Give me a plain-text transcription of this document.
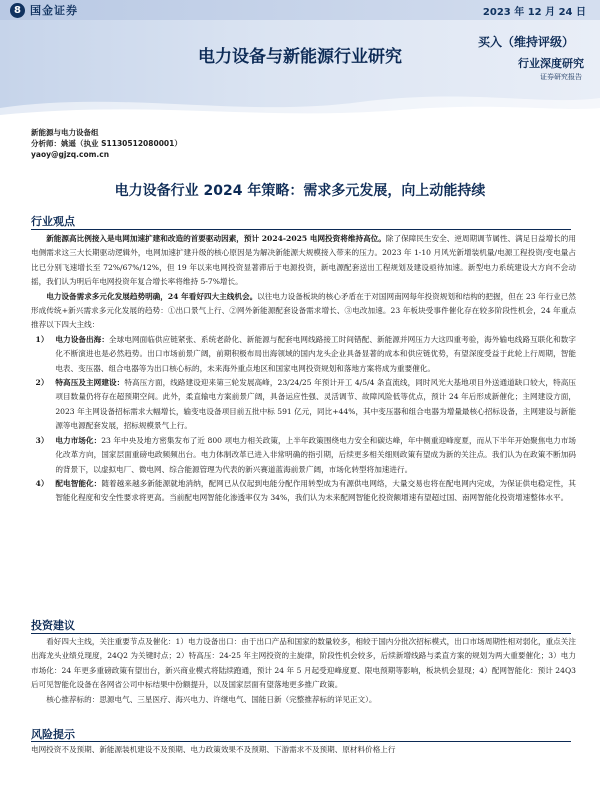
8 国金证券	2023 年 12 月 24 日
电力设备与新能源行业研究
买入（维持评级）
行业深度研究
证券研究报告
新能源与电力设备组
分析师：姚遥（执业 S1130512080001）
yaoy@gjzq.com.cn
电力设备行业 2024 年策略：需求多元发展，向上动能持续
行业观点

新能源高比例接入是电网加速扩建和改造的首要驱动因素，预计 2024-2025 电网投资将维持高位。除了保障民生安全、逆周期调节属性、满足日益增长的用电侧需求这三大长期驱动逻辑外，电网加速扩建升级的核心原因是为解决新能源大规模接入带来的压力。2023 年 1-10 月风光新增装机量/电源工程投资/变电量占比已分别飞速增长至 72%/67%/12%，但 19 年以来电网投资显著滞后于电源投资，新电源配套送出工程规划及建设亟待加速。新型电力系统建设大方向不会动摇，我们认为明后年电网投资年复合增长率将维持 5-7%增长。

电力设备需求多元化发展趋势明确，24 年看好四大主线机会。以往电力设备板块的核心矛盾在于对国网南网每年投资规划和结构的把握，但在 23 年行业已然形成传统+新兴需求多元化发展的趋势：①出口景气上行、②网外新能源配套设备需求增长、③电改加速。23 年板块受事件催化存在较多阶段性机会，24 年重点推荐以下四大主线：

1） 电力设备出海：全球电网面临供应链紧张、系统老龄化、新能源与配套电网线路接工时间错配、新能源并网压力大这四重考验，海外输电线路互联化和数字化不断演进也是必然趋势。出口市场前景广阔，前期积极布局出海领域的国内龙头企业具备显著的成本和供应链优势，有望深度受益于此轮上行周期，智能电表、变压器、组合电器等为出口核心标的，未来海外重点地区和国家电网投资规划和落地方案将成为重要催化。
2） 特高压及主网建设：特高压方面，线路建设迎来第三轮发展高峰，23/24/25 年预计开工 4/5/4 条直流线，同时风光大基地项目外送通道缺口较大，特高压项目数量仍将存在超预期空间。此外，柔直输电方案前景广阔，具备运应性强、灵活调节、故障风险低等优点，预计 24 年后形成新催化；主网建设方面，2023 年主网设备招标需求大幅增长，输变电设备项目前五批中标 591 亿元，同比+44%，其中变压器和组合电器为增量最核心招标设备，主网建设与新能源等电源配套发展，招标规模景气上行。
3） 电力市场化：23 年中央及地方密集发布了近 800 项电力相关政策，上半年政策围绕电力安全和碳达峰，年中侧重迎峰度夏，而从下半年开始聚焦电力市场化改革方向，国家层面重磅电政频频出台。电力体制改革已进入非常明确的指引期，后续更多相关细则政策有望成为新的关注点。我们认为在政策不断加码的背景下，以虚拟电厂、微电网、综合能源管理为代表的新兴赛道蓝海前景广阔，市场化转型将加速进行。
4） 配电智能化：随着越来越多新能源就地消纳，配网已从仅起到电能分配作用转型成为有源供电网络，大量交易也将在配电网内完成，为保证供电稳定性，其智能化程度和安全性要求将更高。当前配电网智能化渗透率仅为 34%，我们认为未来配网智能化投资额增速有望超过国、南网智能化投资增速整体水平。
投资建议

看好四大主线，关注重要节点及催化：1）电力设备出口：由于出口产品和国家的数量较多，相较于国内分批次招标模式，出口市场周期性相对弱化，重点关注出海龙头业绩兑现度，24Q2 为关键时点；2）特高压：24-25 年主网投资的主旋律，阶段性机会较多，后续新增线路与柔直方案的规划为两大重要催化；3）电力市场化：24 年更多重磅政策有望出台，新兴商业模式将陆续跑通，预计 24 年 5 月起受迎峰度夏、限电预期等影响，板块机会显现；4）配网智能化：预计 24Q3 后可见智能化设备在各网省公司中标结果中份额提升，以及国家层面有望落地更多推广政策。

核心推荐标的：思源电气、三星医疗、海兴电力、许继电气、国能日新（完整推荐标的详见正文）。

风险提示
电网投资不及预期、新能源装机建设不及预期、电力政策效果不及预期、下游需求不及预期、原材料价格上行
